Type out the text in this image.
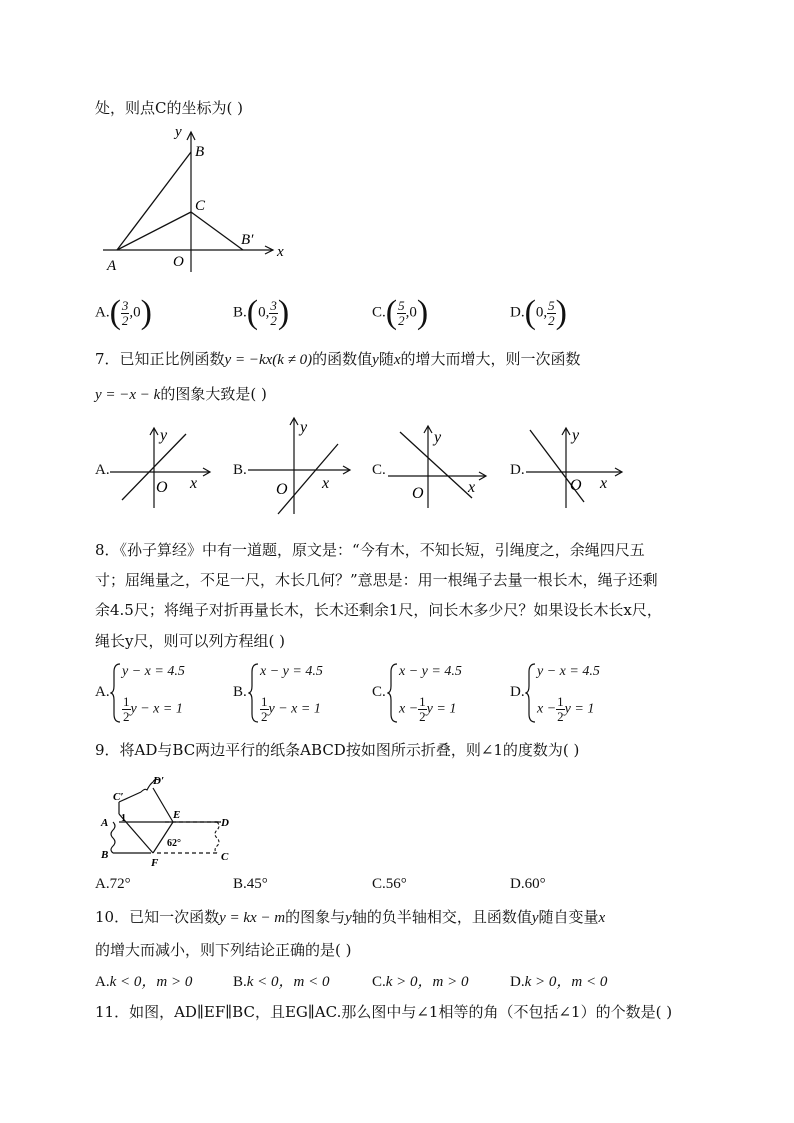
处，则点C的坐标为( )
y
B
C
B′
x
A	O
$A.( \frac{3}{2} ,0)$	B.(0, $\frac{3}{2}$ )	$C.( \frac{5}{2} ,0)$	D.(0, $\frac{5}{2}$ )
7．已知正比例函数y = −kx(k ≠ 0)的函数值y随x的增大而增大，则一次函数
y = −x − k的图象大致是( )
A.
y
O x
B.
y
O x
C.
y
O	x
D.
y
O x
8．《孙子算经》中有一道题，原文是：“今有木，不知长短，引绳度之，余绳四尺五
寸；屈绳量之，不足一尺，木长几何？”意思是：用一根绳子去量一根长木，绳子还剩
余4.5尺；将绳子对折再量长木，长木还剩余1尺，问长木多少尺？如果设长木长x尺，
绳长y尺，则可以列方程组( )
A.
y − x = 4.5
$\frac{1}{2}$ y − x = 1
B.
x − y = 4.5
$\frac{1}{2}$ y − x = 1
C.
x − y = 4.5
$x - \frac{1}{2}$ y = 1
D.
y − x = 4.5
$x - \frac{1}{2}$ y = 1
9．将AD与BC两边平行的纸条ABCD按如图所示折叠，则∠1的度数为( )
C′
D′
1	E
A	D
62°
B
F	C
A.72°	B.45°	C.56°	D.60°
10．已知一次函数y = kx − m的图象与y轴的负半轴相交，且函数值y随自变量x
的增大而减小，则下列结论正确的是( )
A.k < 0，m > 0	B.k < 0，m < 0	C.k > 0，m > 0	D.k > 0，m < 0
11．如图，AD∥EF∥BC，且EG∥AC.那么图中与∠1相等的角（不包括∠1）的个数是( )
